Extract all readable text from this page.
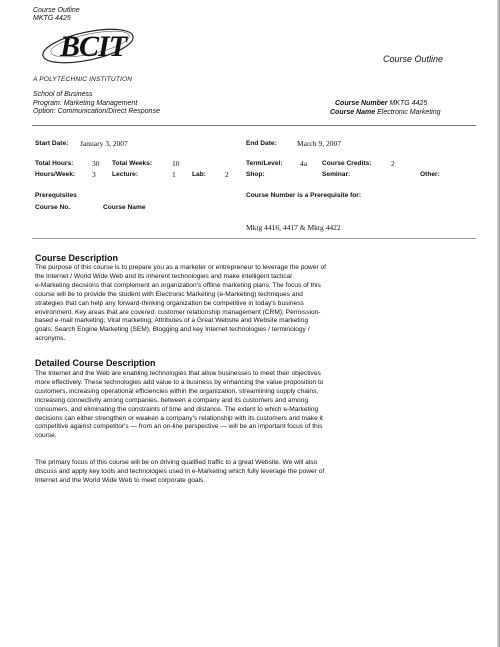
Course Outline
MKTG 4425
BCIT
A POLYTECHNIC INSTITUTION
Course Outline
School of Business
Program: Marketing Management
Option: Communication/Direct Response
Course Number MKTG 4425
Course Name Electronic Marketing
Start Date: January 3, 2007	End Date:	March 9, 2007
Total Hours: 30 Total Weeks:	10	Term/Level: 4a Course Credits:	2
Hours/Week: 3 Lecture:	1 Lab:	2	Shop:	Seminar:	Other:
Prerequisites
Course No.	Course Name
Course Number is a Prerequisite for:
Mktg 4416, 4417 & Mktg 4422
Course Description
The purpose of this course is to prepare you as a marketer or entrepreneur to leverage the power of
the Internet / World Wide Web and its inherent technologies and make intelligent tactical
e-Marketing decisions that complement an organization's offline marketing plans. The focus of this
course will be to provide the student with Electronic Marketing (e-Marketing) techniques and
strategies that can help any forward-thinking organization be competitive in today's business
environment. Key areas that are covered: customer relationship management (CRM); Permission-
based e-mail marketing; Viral marketing; Attributes of a Great Website and Website marketing
goals; Search Engine Marketing (SEM), Blogging and key Internet technologies / terminology /
acronyms.
Detailed Course Description
The Internet and the Web are enabling technologies that allow businesses to meet their objectives
more effectively. These technologies add value to a business by enhancing the value proposition to
customers, increasing operational efficiencies within the organization, streamlining supply chains,
increasing connectivity among companies, between a company and its customers and among
consumers, and eliminating the constraints of time and distance. The extent to which e-Marketing
decisions can either strengthen or weaken a company's relationship with its customers and make it
competitive against competitor's — from an on-line perspective — will be an important focus of this
course.
The primary focus of this course will be on driving qualified traffic to a great Website. We will also
discuss and apply key tools and technologies used in e-Marketing which fully leverage the power of
Internet and the World Wide Web to meet corporate goals.
